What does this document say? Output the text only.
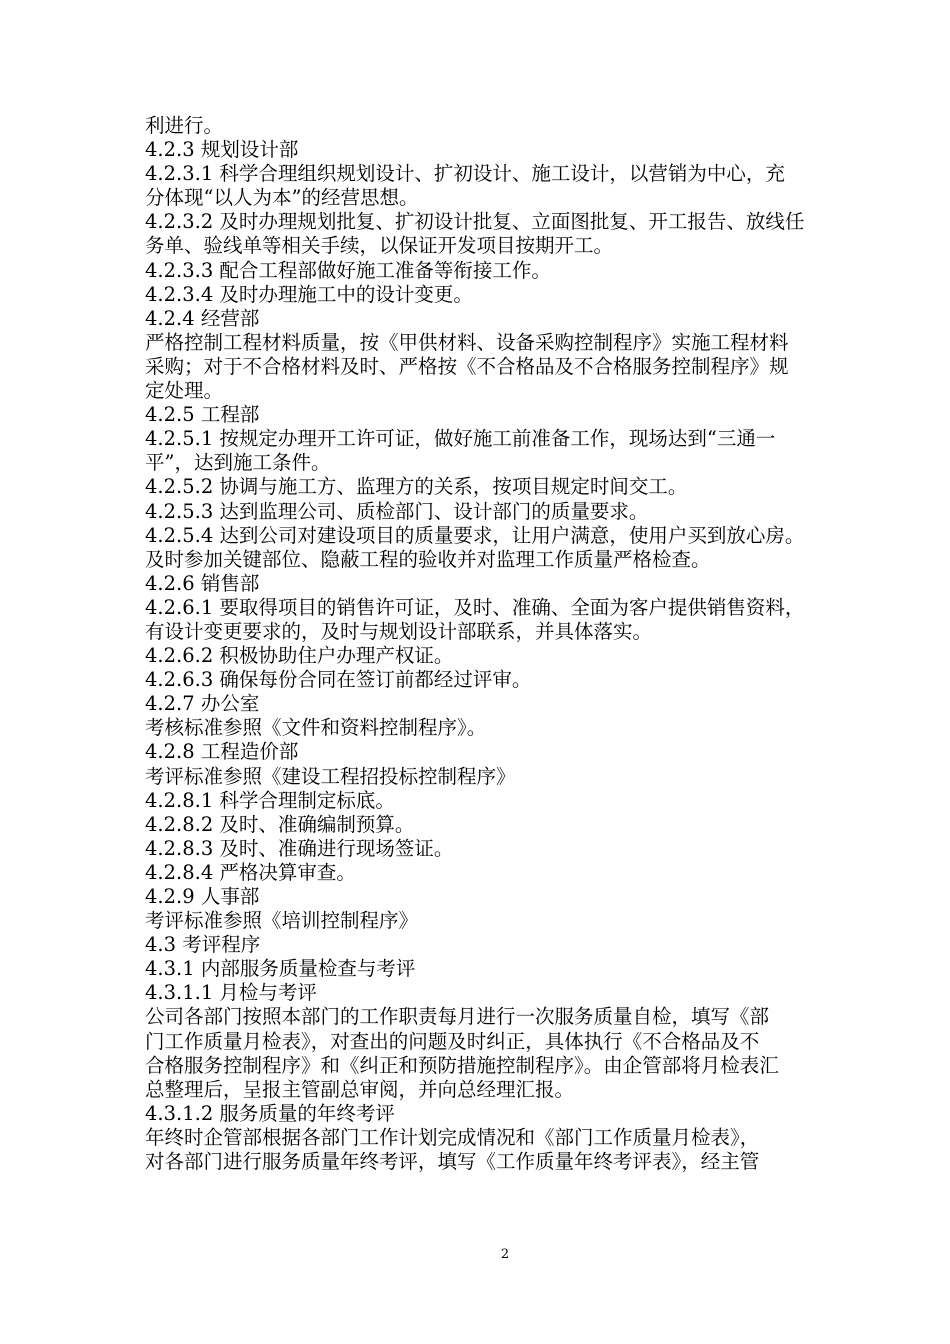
利进行。
4.2.3 规划设计部
4.2.3.1 科学合理组织规划设计、扩初设计、施工设计，以营销为中心，充
分体现“以人为本”的经营思想。
4.2.3.2 及时办理规划批复、扩初设计批复、立面图批复、开工报告、放线任
务单、验线单等相关手续，以保证开发项目按期开工。
4.2.3.3 配合工程部做好施工准备等衔接工作。
4.2.3.4 及时办理施工中的设计变更。
4.2.4 经营部
严格控制工程材料质量，按《甲供材料、设备采购控制程序》实施工程材料
采购；对于不合格材料及时、严格按《不合格品及不合格服务控制程序》规
定处理。
4.2.5 工程部
4.2.5.1 按规定办理开工许可证，做好施工前准备工作，现场达到“三通一
平”，达到施工条件。
4.2.5.2 协调与施工方、监理方的关系，按项目规定时间交工。
4.2.5.3 达到监理公司、质检部门、设计部门的质量要求。
4.2.5.4 达到公司对建设项目的质量要求，让用户满意，使用户买到放心房。
及时参加关键部位、隐蔽工程的验收并对监理工作质量严格检查。
4.2.6 销售部
4.2.6.1 要取得项目的销售许可证，及时、准确、全面为客户提供销售资料，
有设计变更要求的，及时与规划设计部联系，并具体落实。
4.2.6.2 积极协助住户办理产权证。
4.2.6.3 确保每份合同在签订前都经过评审。
4.2.7 办公室
考核标准参照《文件和资料控制程序》。
4.2.8 工程造价部
考评标准参照《建设工程招投标控制程序》
4.2.8.1 科学合理制定标底。
4.2.8.2 及时、准确编制预算。
4.2.8.3 及时、准确进行现场签证。
4.2.8.4 严格决算审查。
4.2.9 人事部
考评标准参照《培训控制程序》
4.3 考评程序
4.3.1 内部服务质量检查与考评
4.3.1.1 月检与考评
公司各部门按照本部门的工作职责每月进行一次服务质量自检，填写《部
门工作质量月检表》，对查出的问题及时纠正，具体执行《不合格品及不
合格服务控制程序》和《纠正和预防措施控制程序》。由企管部将月检表汇
总整理后，呈报主管副总审阅，并向总经理汇报。
4.3.1.2 服务质量的年终考评
年终时企管部根据各部门工作计划完成情况和《部门工作质量月检表》，
对各部门进行服务质量年终考评，填写《工作质量年终考评表》，经主管
2
